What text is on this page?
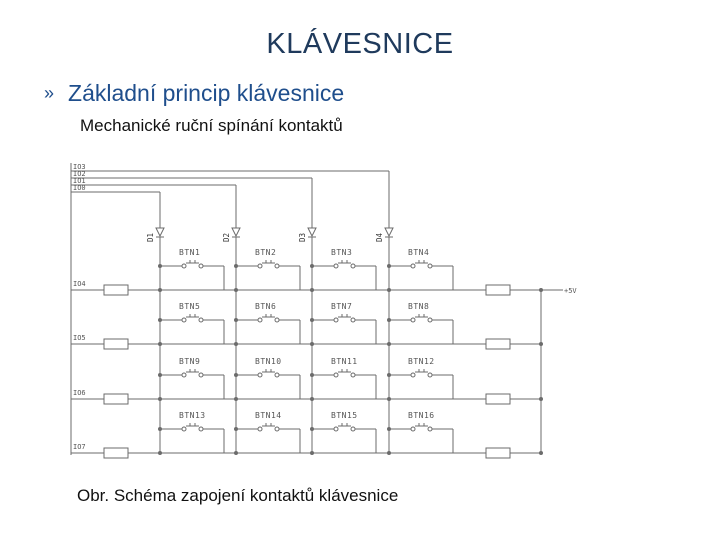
KLÁVESNICE
» Základní princip klávesnice
Mechanické ruční spínání kontaktů
IO3
IO2
IO1
IO0
D1	D2	D3	D4
IO4
IO5
IO6
IO7
+5V
BTN1	BTN2	BTN3	BTN4
BTN5	BTN6	BTN7	BTN8
BTN9	BTN10	BTN11	BTN12
BTN13	BTN14	BTN15	BTN16
Obr. Schéma zapojení kontaktů klávesnice
